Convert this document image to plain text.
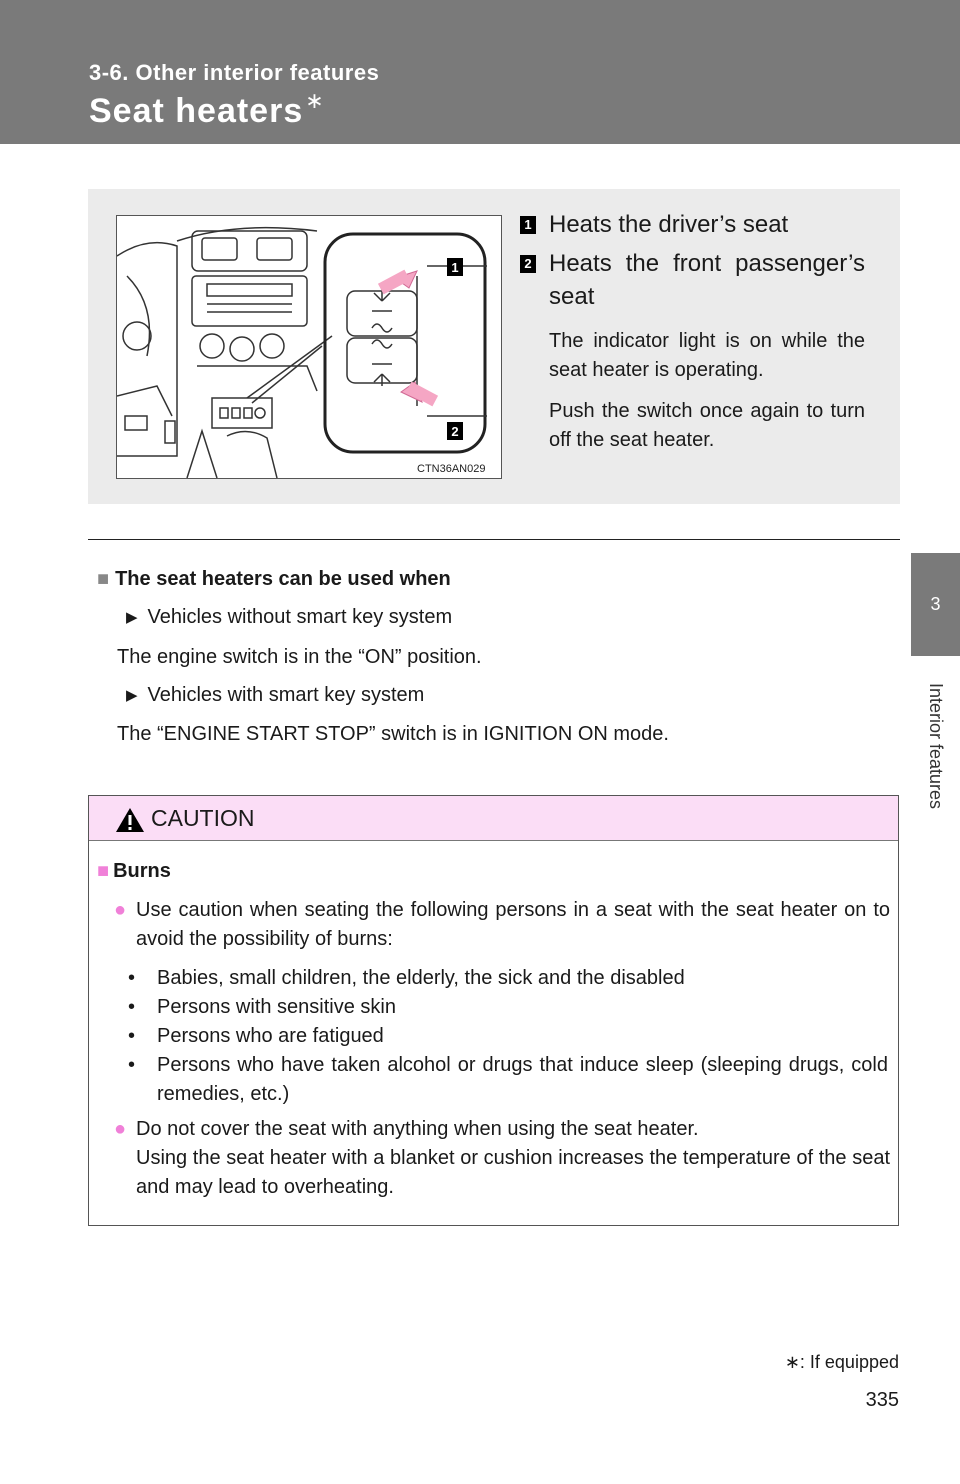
3-6. Other interior features
Seat heaters∗
3
Interior features
1
2
CTN36AN029
1 Heats the driver’s seat
2 Heats the front passenger’s seat
The indicator light is on while the seat heater is operating.
Push the switch once again to turn off the seat heater.
■ The seat heaters can be used when
▶ Vehicles without smart key system
The engine switch is in the “ON” position.
▶ Vehicles with smart key system
The “ENGINE START STOP” switch is in IGNITION ON mode.
CAUTION
■ Burns
● Use caution when seating the following persons in a seat with the seat heater on to avoid the possibility of burns:
• Babies, small children, the elderly, the sick and the disabled
• Persons with sensitive skin
• Persons who are fatigued
• Persons who have taken alcohol or drugs that induce sleep (sleeping drugs, cold remedies, etc.)
● Do not cover the seat with anything when using the seat heater.
Using the seat heater with a blanket or cushion increases the temperature of the seat and may lead to overheating.
∗: If equipped
335
